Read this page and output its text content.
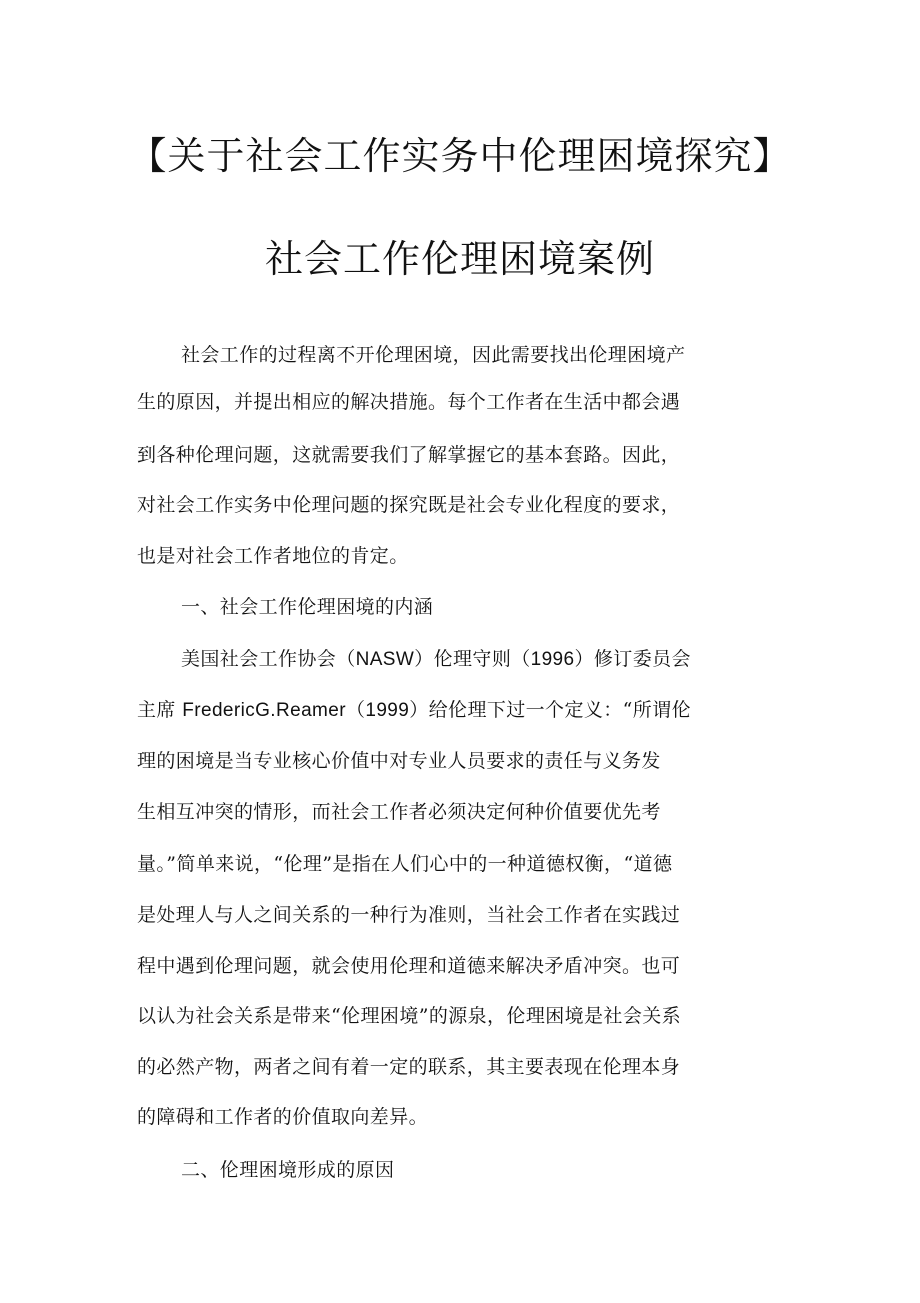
【关于社会工作实务中伦理困境探究】
社会工作伦理困境案例
社会工作的过程离不开伦理困境，因此需要找出伦理困境产
生的原因，并提出相应的解决措施。每个工作者在生活中都会遇
到各种伦理问题，这就需要我们了解掌握它的基本套路。因此，
对社会工作实务中伦理问题的探究既是社会专业化程度的要求，
也是对社会工作者地位的肯定。
一、社会工作伦理困境的内涵
美国社会工作协会（NASW）伦理守则（1996）修订委员会
主席 FredericG.Reamer（1999）给伦理下过一个定义：“所谓伦
理的困境是当专业核心价值中对专业人员要求的责任与义务发
生相互冲突的情形，而社会工作者必须决定何种价值要优先考
量。”简单来说，“伦理”是指在人们心中的一种道德权衡，“道德
是处理人与人之间关系的一种行为准则，当社会工作者在实践过
程中遇到伦理问题，就会使用伦理和道德来解决矛盾冲突。也可
以认为社会关系是带来“伦理困境”的源泉，伦理困境是社会关系
的必然产物，两者之间有着一定的联系，其主要表现在伦理本身
的障碍和工作者的价值取向差异。
二、伦理困境形成的原因
